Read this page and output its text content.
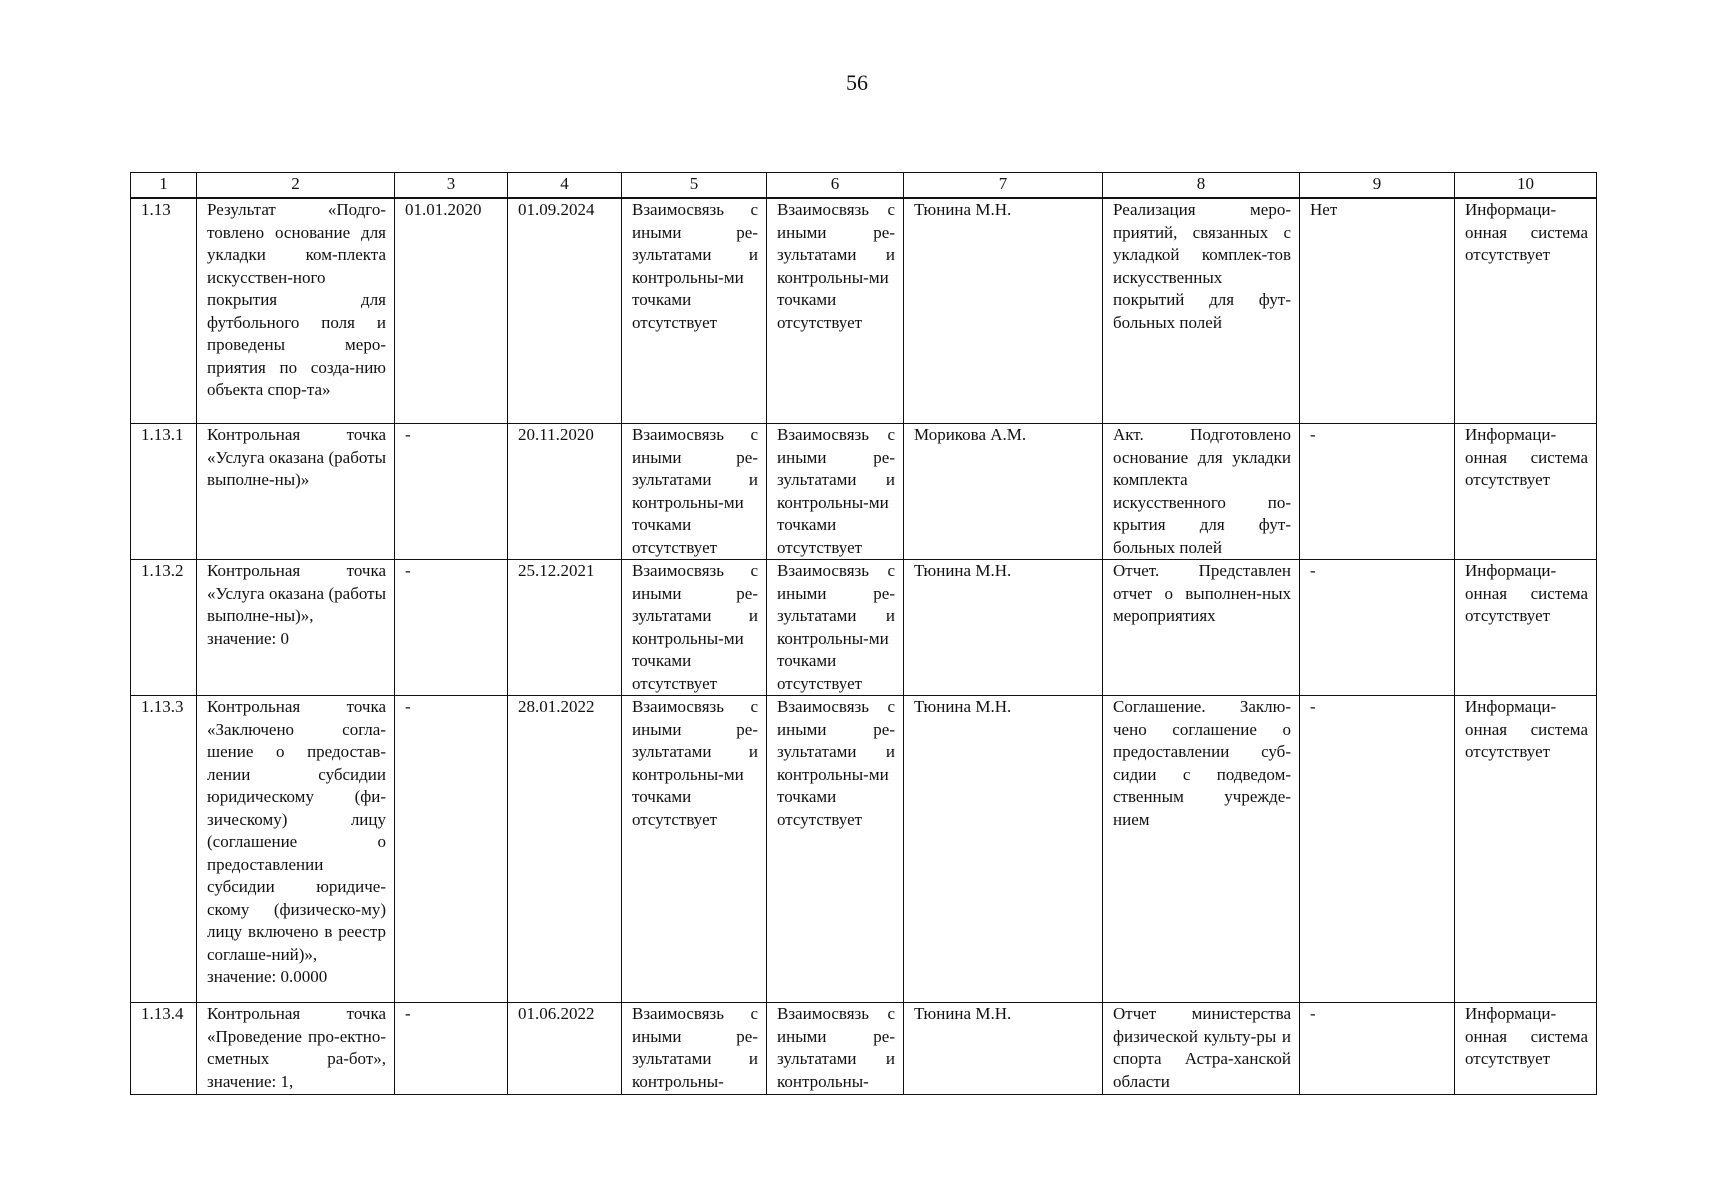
56
1	2	3	4	5	6	7	8	9	10
1.13	Результат «Подго-товлено основание для укладки ком-плекта искусствен-ного покрытия для футбольного поля и проведены меро-приятия по созда-нию объекта спор-та»	01.01.2020	01.09.2024	Взаимосвязь с иными ре-зультатами и контрольны-ми точками отсутствует	Взаимосвязь с иными ре-зультатами и контрольны-ми точками отсутствует	Тюнина М.Н.	Реализация меро-приятий, связанных с укладкой комплек-тов искусственных покрытий для фут-больных полей	Нет	Информаци-онная система отсутствует
1.13.1	Контрольная точка «Услуга оказана (работы выполне-ны)»	-	20.11.2020	Взаимосвязь с иными ре-зультатами и контрольны-ми точками отсутствует	Взаимосвязь с иными ре-зультатами и контрольны-ми точками отсутствует	Морикова А.М.	Акт. Подготовлено основание для укладки комплекта искусственного по-крытия для фут-больных полей	-	Информаци-онная система отсутствует
1.13.2	Контрольная точка «Услуга оказана (работы выполне-ны)», значение: 0	-	25.12.2021	Взаимосвязь с иными ре-зультатами и контрольны-ми точками отсутствует	Взаимосвязь с иными ре-зультатами и контрольны-ми точками отсутствует	Тюнина М.Н.	Отчет. Представлен отчет о выполнен-ных мероприятиях	-	Информаци-онная система отсутствует
1.13.3	Контрольная точка «Заключено согла-шение о предостав-лении субсидии юридическому (фи-зическому) лицу (соглашение о предоставлении субсидии юридиче-скому (физическо-му) лицу включено в реестр соглаше-ний)», значение: 0.0000	-	28.01.2022	Взаимосвязь с иными ре-зультатами и контрольны-ми точками отсутствует	Взаимосвязь с иными ре-зультатами и контрольны-ми точками отсутствует	Тюнина М.Н.	Соглашение. Заклю-чено соглашение о предоставлении суб-сидии с подведом-ственным учрежде-нием	-	Информаци-онная система отсутствует
1.13.4	Контрольная точка «Проведение про-ектно-сметных ра-бот», значение: 1,	-	01.06.2022	Взаимосвязь с иными ре-зультатами и контрольны-	Взаимосвязь с иными ре-зультатами и контрольны-	Тюнина М.Н.	Отчет министерства физической культу-ры и спорта Астра-ханской области	-	Информаци-онная система отсутствует
